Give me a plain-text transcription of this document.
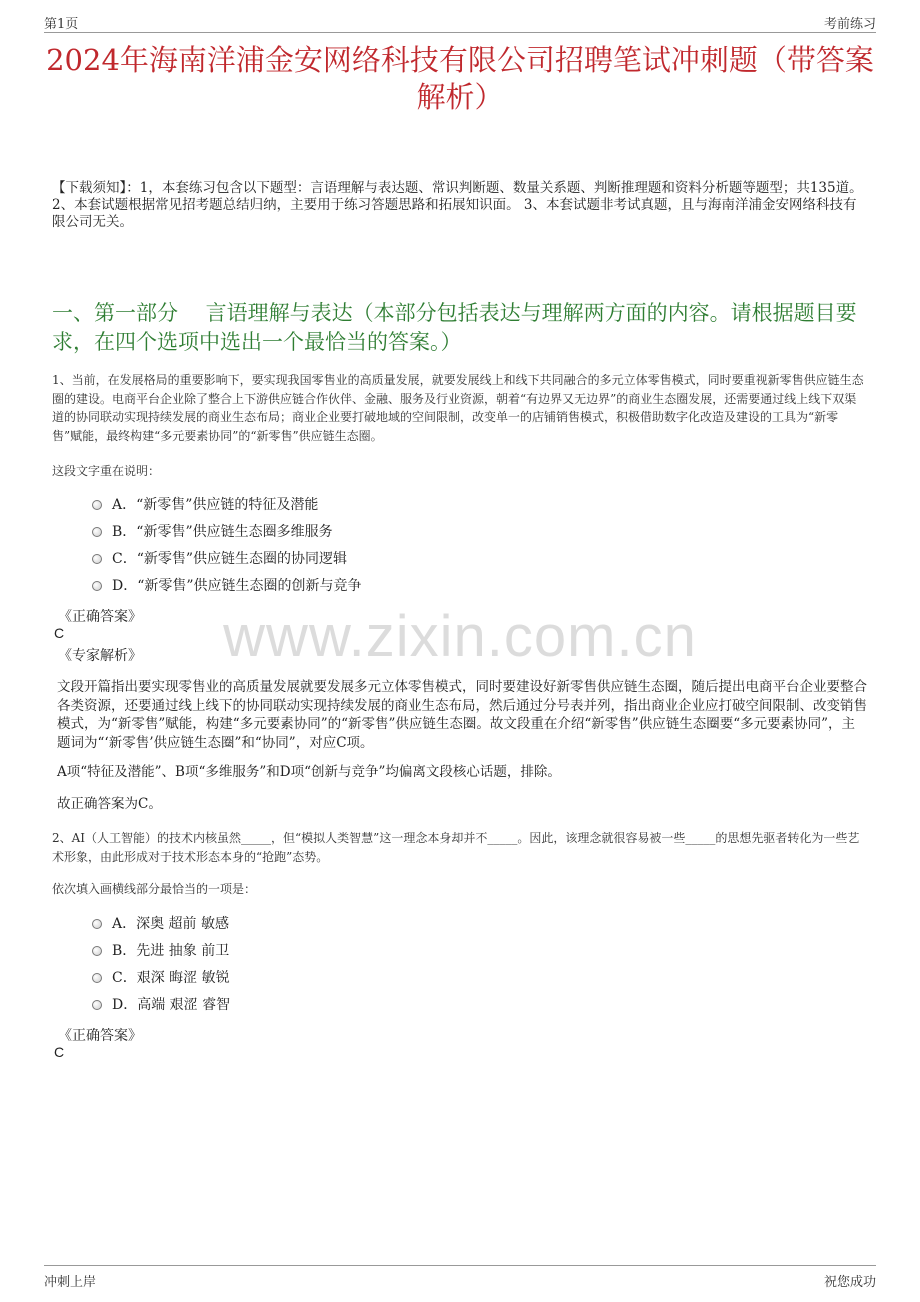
第1页	考前练习
2024年海南洋浦金安网络科技有限公司招聘笔试冲刺题（带答案解析）
【下载须知】：1，本套练习包含以下题型：言语理解与表达题、常识判断题、数量关系题、判断推理题和资料分析题等题型；共135道。 2、本套试题根据常见招考题总结归纳，主要用于练习答题思路和拓展知识面。 3、本套试题非考试真题，且与海南洋浦金安网络科技有限公司无关。
一、第一部分　 言语理解与表达（本部分包括表达与理解两方面的内容。请根据题目要求，在四个选项中选出一个最恰当的答案。）
1、当前，在发展格局的重要影响下，要实现我国零售业的高质量发展，就要发展线上和线下共同融合的多元立体零售模式，同时要重视新零售供应链生态圈的建设。电商平台企业除了整合上下游供应链合作伙伴、金融、服务及行业资源，朝着“有边界又无边界”的商业生态圈发展，还需要通过线上线下双渠道的协同联动实现持续发展的商业生态布局；商业企业要打破地域的空间限制，改变单一的店铺销售模式，积极借助数字化改造及建设的工具为“新零售”赋能，最终构建“多元要素协同”的“新零售”供应链生态圈。
这段文字重在说明：
A．“新零售”供应链的特征及潜能
B．“新零售”供应链生态圈多维服务
C．“新零售”供应链生态圈的协同逻辑
D．“新零售”供应链生态圈的创新与竞争
《正确答案》
C
《专家解析》	www.zixin.com.cn
文段开篇指出要实现零售业的高质量发展就要发展多元立体零售模式，同时要建设好新零售供应链生态圈，随后提出电商平台企业要整合各类资源，还要通过线上线下的协同联动实现持续发展的商业生态布局，然后通过分号表并列，指出商业企业应打破空间限制、改变销售模式，为“新零售”赋能，构建“多元要素协同”的“新零售”供应链生态圈。故文段重在介绍“新零售”供应链生态圈要“多元要素协同”，主题词为“‘新零售’供应链生态圈”和“协同”，对应C项。
A项“特征及潜能”、B项“多维服务”和D项“创新与竞争”均偏离文段核心话题，排除。
故正确答案为C。
2、AI（人工智能）的技术内核虽然_____，但“模拟人类智慧”这一理念本身却并不_____。因此，该理念就很容易被一些_____的思想先驱者转化为一些艺术形象，由此形成对于技术形态本身的“抢跑”态势。
依次填入画横线部分最恰当的一项是：
A．深奥 超前 敏感
B．先进 抽象 前卫
C．艰深 晦涩 敏锐
D．高端 艰涩 睿智
《正确答案》
C
冲刺上岸	祝您成功
